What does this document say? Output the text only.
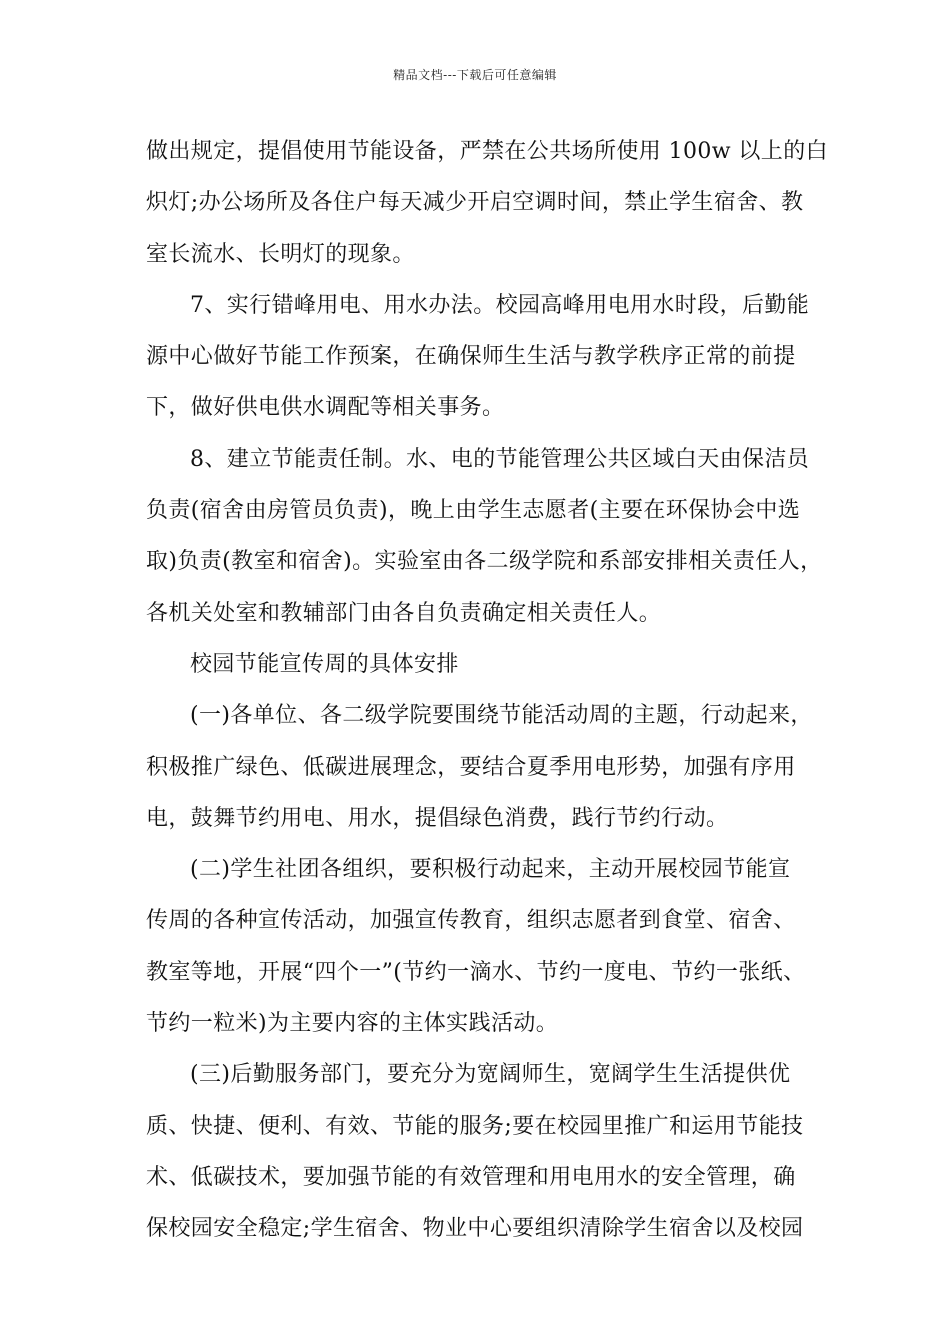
精品文档---下载后可任意编辑
做出规定，提倡使用节能设备，严禁在公共场所使用 100w 以上的白
炽灯;办公场所及各住户每天减少开启空调时间，禁止学生宿舍、教
室长流水、长明灯的现象。
7、实行错峰用电、用水办法。校园高峰用电用水时段，后勤能
源中心做好节能工作预案，在确保师生生活与教学秩序正常的前提
下，做好供电供水调配等相关事务。
8、建立节能责任制。水、电的节能管理公共区域白天由保洁员
负责(宿舍由房管员负责)，晚上由学生志愿者(主要在环保协会中选
取)负责(教室和宿舍)。实验室由各二级学院和系部安排相关责任人，
各机关处室和教辅部门由各自负责确定相关责任人。
校园节能宣传周的具体安排
(一)各单位、各二级学院要围绕节能活动周的主题，行动起来，
积极推广绿色、低碳进展理念，要结合夏季用电形势，加强有序用
电，鼓舞节约用电、用水，提倡绿色消费，践行节约行动。
(二)学生社团各组织，要积极行动起来，主动开展校园节能宣
传周的各种宣传活动，加强宣传教育，组织志愿者到食堂、宿舍、
教室等地，开展“四个一”(节约一滴水、节约一度电、节约一张纸、
节约一粒米)为主要内容的主体实践活动。
(三)后勤服务部门，要充分为宽阔师生，宽阔学生生活提供优
质、快捷、便利、有效、节能的服务;要在校园里推广和运用节能技
术、低碳技术，要加强节能的有效管理和用电用水的安全管理，确
保校园安全稳定;学生宿舍、物业中心要组织清除学生宿舍以及校园
